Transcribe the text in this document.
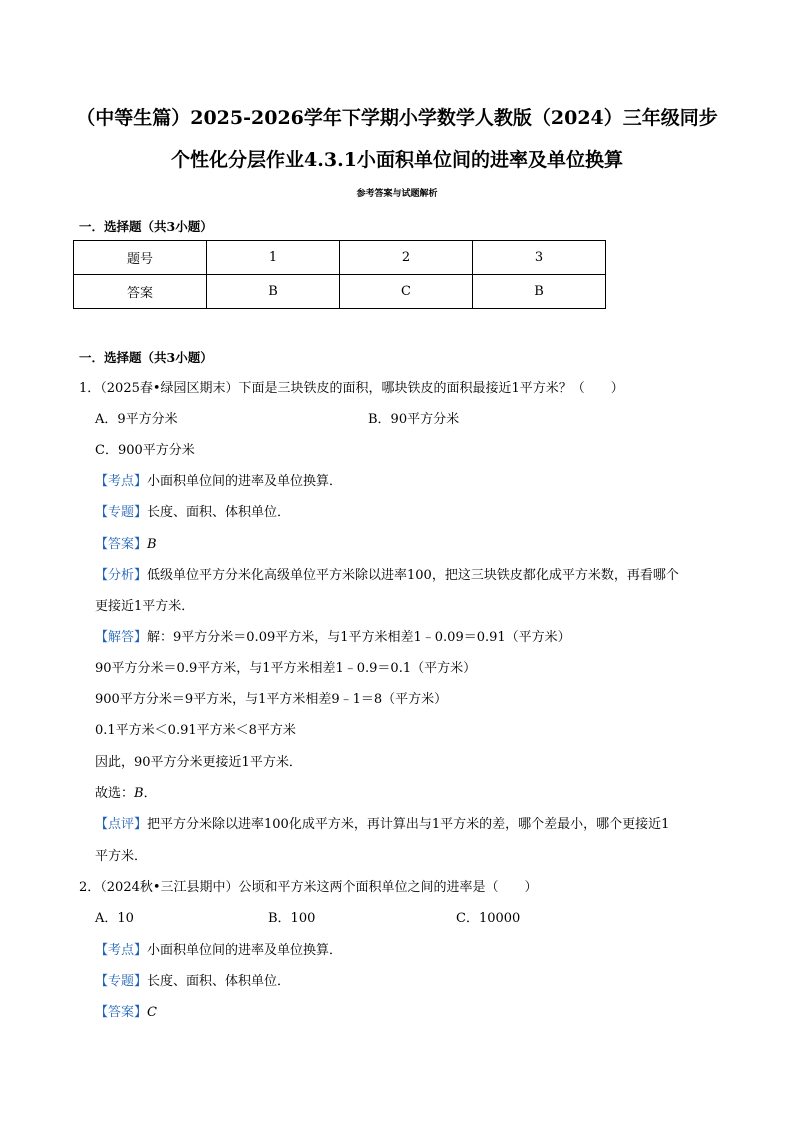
（中等生篇）2025-2026学年下学期小学数学人教版（2024）三年级同步
个性化分层作业4.3.1小面积单位间的进率及单位换算
参考答案与试题解析
一．选择题（共3小题）
题号	1	2	3
答案	B	C	B
一．选择题（共3小题）
1．（2025春•绿园区期末）下面是三块铁皮的面积，哪块铁皮的面积最接近1平方米？（　　）
A．9平方分米	B．90平方分米
C．900平方分米
【考点】小面积单位间的进率及单位换算．
【专题】长度、面积、体积单位．
【答案】B
【分析】低级单位平方分米化高级单位平方米除以进率100，把这三块铁皮都化成平方米数，再看哪个
更接近1平方米．
【解答】解：9平方分米＝0.09平方米，与1平方米相差1﹣0.09＝0.91（平方米）
90平方分米＝0.9平方米，与1平方米相差1﹣0.9＝0.1（平方米）
900平方分米＝9平方米，与1平方米相差9﹣1＝8（平方米）
0.1平方米＜0.91平方米＜8平方米
因此，90平方分米更接近1平方米．
故选：B．
【点评】把平方分米除以进率100化成平方米，再计算出与1平方米的差，哪个差最小，哪个更接近1
平方米．
2．（2024秋•三江县期中）公顷和平方米这两个面积单位之间的进率是（　　）
A．10	B．100	C．10000
【考点】小面积单位间的进率及单位换算．
【专题】长度、面积、体积单位．
【答案】C
